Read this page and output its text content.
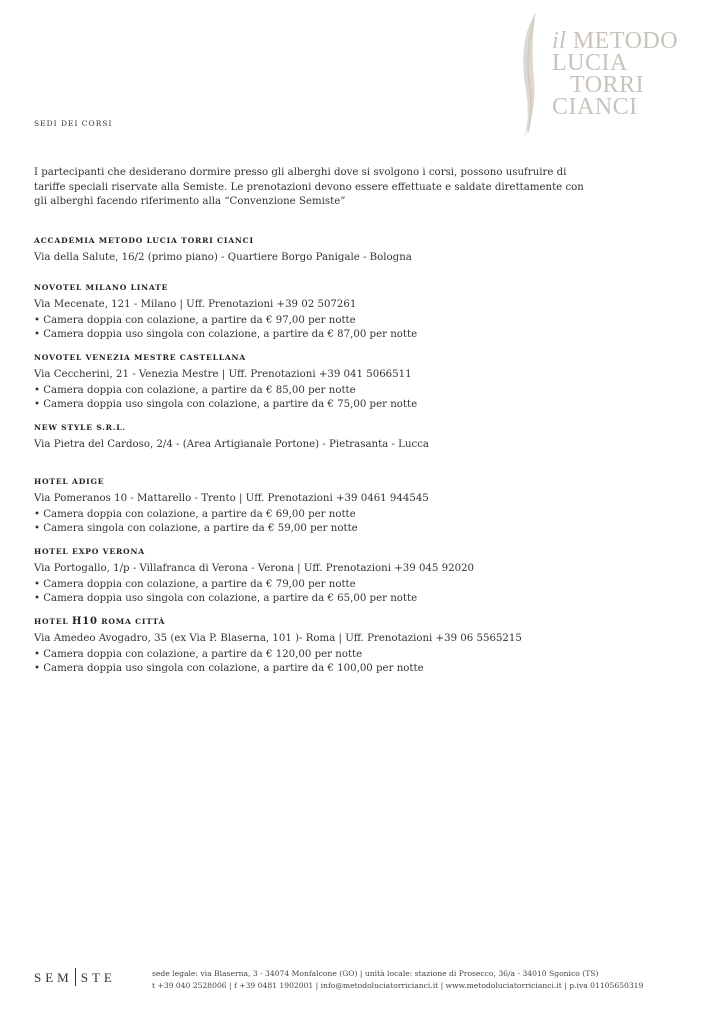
il METODO
LUCIA
TORRI
CIANCI
SEDI DEI CORSI
I partecipanti che desiderano dormire presso gli alberghi dove si svolgono i corsi, possono usufruire di tariffe speciali riservate alla Semiste. Le prenotazioni devono essere effettuate e saldate direttamente con gli alberghi facendo riferimento alla “Convenzione Semiste”
ACCADEMIA METODO LUCIA TORRI CIANCI
Via della Salute, 16/2 (primo piano) - Quartiere Borgo Panigale - Bologna
NOVOTEL MILANO LINATE
Via Mecenate, 121 - Milano | Uff. Prenotazioni +39 02 507261
• Camera doppia con colazione, a partire da € 97,00 per notte
• Camera doppia uso singola con colazione, a partire da € 87,00 per notte
NOVOTEL VENEZIA MESTRE CASTELLANA
Via Ceccherini, 21 - Venezia Mestre | Uff. Prenotazioni +39 041 5066511
• Camera doppia con colazione, a partire da € 85,00 per notte
• Camera doppia uso singola con colazione, a partire da € 75,00 per notte
NEW STYLE S.R.L.
Via Pietra del Cardoso, 2/4 - (Area Artigianale Portone) - Pietrasanta - Lucca
HOTEL ADIGE
Via Pomeranos 10 - Mattarello - Trento | Uff. Prenotazioni +39 0461 944545
• Camera doppia con colazione, a partire da € 69,00 per notte
• Camera singola con colazione, a partire da € 59,00 per notte
HOTEL EXPO VERONA
Via Portogallo, 1/p - Villafranca di Verona - Verona | Uff. Prenotazioni +39 045 92020
• Camera doppia con colazione, a partire da € 79,00 per notte
• Camera doppia uso singola con colazione, a partire da € 65,00 per notte
HOTEL H10 ROMA CITTÀ
Via Amedeo Avogadro, 35 (ex Via P. Blaserna, 101 )- Roma | Uff. Prenotazioni +39 06 5565215
• Camera doppia con colazione, a partire da € 120,00 per notte
• Camera doppia uso singola con colazione, a partire da € 100,00 per notte
SEM STE	sede legale: via Blaserna, 3 - 34074 Monfalcone (GO) | unità locale: stazione di Prosecco, 36/a - 34010 Sgonico (TS)
t +39 040 2528006 | f +39 0481 1902001 | info@metodoluciatorricianci.it | www.metodoluciatorricianci.it | p.iva 01105650319
